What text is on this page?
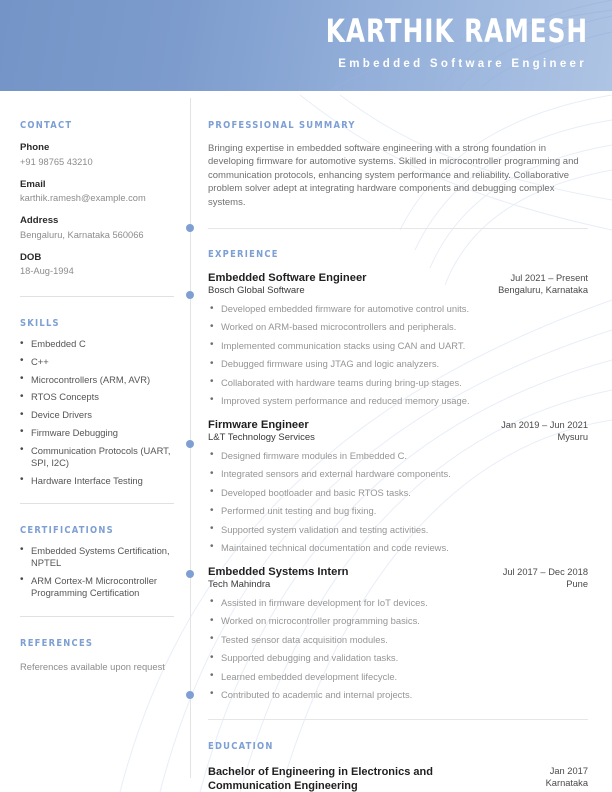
KARTHIK RAMESH
Embedded Software Engineer
CONTACT
Phone
+91 98765 43210
Email
karthik.ramesh@example.com
Address
Bengaluru, Karnataka 560066
DOB
18-Aug-1994
SKILLS
• Embedded C
• C++
• Microcontrollers (ARM, AVR)
• RTOS Concepts
• Device Drivers
• Firmware Debugging
• Communication Protocols (UART, SPI, I2C)
• Hardware Interface Testing
CERTIFICATIONS
• Embedded Systems Certification, NPTEL
• ARM Cortex-M Microcontroller Programming Certification
REFERENCES
References available upon request
PROFESSIONAL SUMMARY
Bringing expertise in embedded software engineering with a strong foundation in developing firmware for automotive systems. Skilled in microcontroller programming and communication protocols, enhancing system performance and reliability. Collaborative problem solver adept at integrating hardware components and debugging complex systems.
EXPERIENCE
Embedded Software Engineer	Jul 2021 – Present
Bosch Global Software	Bengaluru, Karnataka
• Developed embedded firmware for automotive control units.
• Worked on ARM-based microcontrollers and peripherals.
• Implemented communication stacks using CAN and UART.
• Debugged firmware using JTAG and logic analyzers.
• Collaborated with hardware teams during bring-up stages.
• Improved system performance and reduced memory usage.
Firmware Engineer	Jan 2019 – Jun 2021
L&T Technology Services	Mysuru
• Designed firmware modules in Embedded C.
• Integrated sensors and external hardware components.
• Developed bootloader and basic RTOS tasks.
• Performed unit testing and bug fixing.
• Supported system validation and testing activities.
• Maintained technical documentation and code reviews.
Embedded Systems Intern	Jul 2017 – Dec 2018
Tech Mahindra	Pune
• Assisted in firmware development for IoT devices.
• Worked on microcontroller programming basics.
• Tested sensor data acquisition modules.
• Supported debugging and validation tasks.
• Learned embedded development lifecycle.
• Contributed to academic and internal projects.
EDUCATION
Bachelor of Engineering in Electronics and Communication Engineering
Jan 2017
Karnataka
